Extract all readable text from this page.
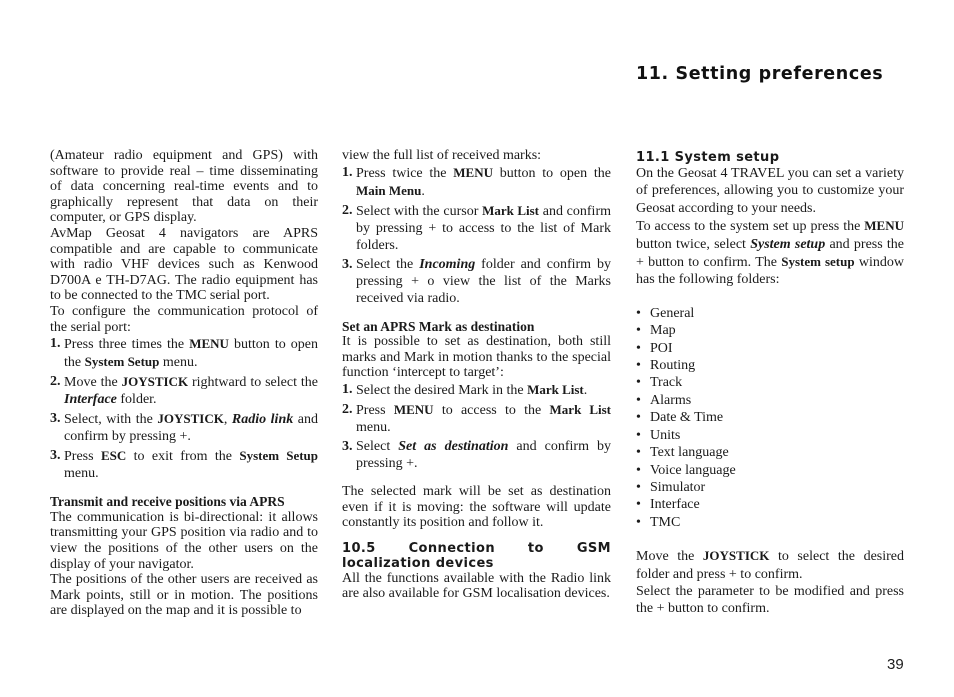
11. Setting preferences

(Amateur radio equipment and GPS) with software to provide real – time disseminating of data concerning real-time events and to graphically represent that data on their computer, or GPS display.

AvMap Geosat 4 navigators are APRS compatible and are capable to communicate with radio VHF devices such as Kenwood D700A e TH-D7AG. The radio equipment has to be connected to the TMC serial port.

To configure the communication protocol of the serial port:

1. Press three times the MENU button to open the System Setup menu.
2. Move the JOYSTICK rightward to select the Interface folder.
3. Select, with the JOYSTICK, Radio link and confirm by pressing +.
3. Press ESC to exit from the System Setup menu.

Transmit and receive positions via APRS

The communication is bi-directional: it allows transmitting your GPS position via radio and to view the positions of the other users on the display of your navigator.

The positions of the other users are received as Mark points, still or in motion. The positions are displayed on the map and it is possible to

view the full list of received marks:

1. Press twice the MENU button to open the Main Menu.
2. Select with the cursor Mark List and confirm by pressing + to access to the list of Mark folders.
3. Select the Incoming folder and confirm by pressing + o view the list of the Marks received via radio.

Set an APRS Mark as destination

It is possible to set as destination, both still marks and Mark in motion thanks to the special function ‘intercept to target’:

1. Select the desired Mark in the Mark List.
2. Press MENU to access to the Mark List menu.
3. Select Set as destination and confirm by pressing +.

The selected mark will be set as destination even if it is moving: the software will update constantly its position and follow it.

10.5 Connection to GSM localization devices

All the functions available with the Radio link are also available for GSM localisation devices.

11.1 System setup

On the Geosat 4 TRAVEL you can set a variety of preferences, allowing you to customize your Geosat according to your needs.

To access to the system set up press the MENU button twice, select System setup and press the + button to confirm. The System setup window has the following folders:

• General
• Map
• POI
• Routing
• Track
• Alarms
• Date & Time
• Units
• Text language
• Voice language
• Simulator
• Interface
• TMC

Move the JOYSTICK to select the desired folder and press + to confirm.

Select the parameter to be modified and press the + button to confirm.

39
